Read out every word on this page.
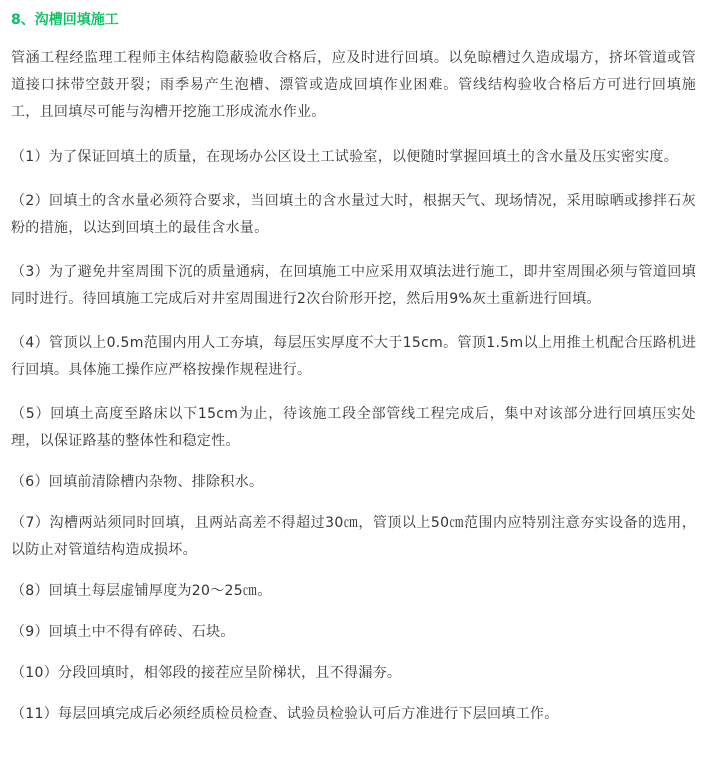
8、沟槽回填施工

管涵工程经监理工程师主体结构隐蔽验收合格后，应及时进行回填。以免晾槽过久造成塌方，挤坏管道或管道接口抹带空鼓开裂；雨季易产生泡槽、漂管或造成回填作业困难。管线结构验收合格后方可进行回填施工，且回填尽可能与沟槽开挖施工形成流水作业。

（1）为了保证回填土的质量，在现场办公区设土工试验室，以便随时掌握回填土的含水量及压实密实度。

（2）回填土的含水量必须符合要求，当回填土的含水量过大时，根据天气、现场情况，采用晾晒或掺拌石灰粉的措施，以达到回填土的最佳含水量。

（3）为了避免井室周围下沉的质量通病，在回填施工中应采用双填法进行施工，即井室周围必须与管道回填同时进行。待回填施工完成后对井室周围进行2次台阶形开挖，然后用9%灰土重新进行回填。

（4）管顶以上0.5m范围内用人工夯填，每层压实厚度不大于15cm。管顶1.5m以上用推土机配合压路机进行回填。具体施工操作应严格按操作规程进行。

（5）回填土高度至路床以下15cm为止，待该施工段全部管线工程完成后，集中对该部分进行回填压实处理，以保证路基的整体性和稳定性。

（6）回填前清除槽内杂物、排除积水。

（7）沟槽两站须同时回填，且两站高差不得超过30㎝，管顶以上50㎝范围内应特别注意夯实设备的选用，以防止对管道结构造成损坏。

（8）回填土每层虚铺厚度为20～25㎝。

（9）回填土中不得有碎砖、石块。

（10）分段回填时，相邻段的接茬应呈阶梯状，且不得漏夯。

（11）每层回填完成后必须经质检员检查、试验员检验认可后方准进行下层回填工作。
